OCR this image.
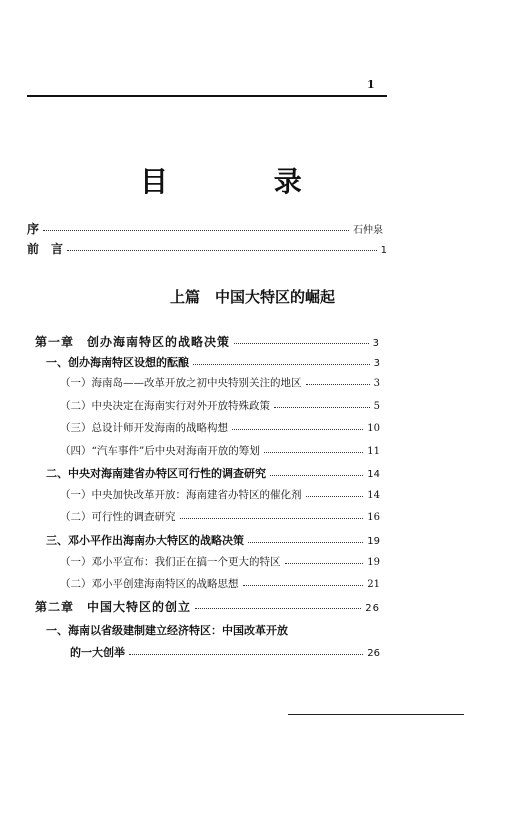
1
目 录
序	石仲泉
前　言	1
上篇　中国大特区的崛起
第一章　创办海南特区的战略决策	3
一、创办海南特区设想的酝酿	3
（一）海南岛——改革开放之初中央特别关注的地区	3
（二）中央决定在海南实行对外开放特殊政策	5
（三）总设计师开发海南的战略构想	10
（四）“汽车事件”后中央对海南开放的筹划	11
二、中央对海南建省办特区可行性的调查研究	14
（一）中央加快改革开放：海南建省办特区的催化剂	14
（二）可行性的调查研究	16
三、邓小平作出海南办大特区的战略决策	19
（一）邓小平宣布：我们正在搞一个更大的特区	19
（二）邓小平创建海南特区的战略思想	21
第二章　中国大特区的创立	26
一、海南以省级建制建立经济特区：中国改革开放
的一大创举	26
